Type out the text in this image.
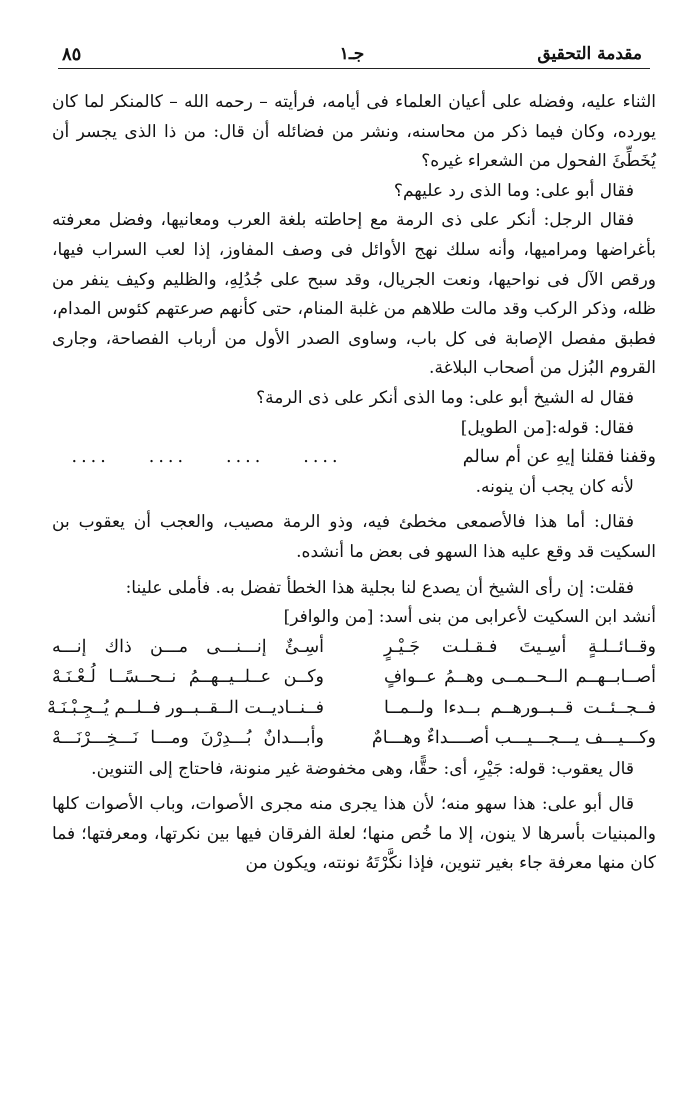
مقدمة التحقيق
جـ١
٨٥

الثناء عليه، وفضله على أعيان العلماء فى أيامه، فرأيته – رحمه الله – كالمنكر لما كان يورده، وكان فيما ذكر من محاسنه، ونشر من فضائله أن قال: من ذا الذى يجسر أن يُخَطِّئَ الفحول من الشعراء غيره؟

فقال أبو على: وما الذى رد عليهم؟

فقال الرجل: أنكر على ذى الرمة مع إحاطته بلغة العرب ومعانيها، وفضل معرفته بأغراضها ومراميها، وأنه سلك نهج الأوائل فى وصف المفاوز، إذا لعب السراب فيها، ورقص الآل فى نواحيها، ونعت الجريال، وقد سبح على جُدُلِهِ، والظليم وكيف ينفر من ظله، وذكر الركب وقد مالت طلاهم من غلبة المنام، حتى كأنهم صرعتهم كئوس المدام، فطبق مفصل الإصابة فى كل باب، وساوى الصدر الأول من أرباب الفصاحة، وجارى القروم البُزل من أصحاب البلاغة.

فقال له الشيخ أبو على: وما الذى أنكر على ذى الرمة؟

فقال: قوله:[من الطويل]

وقفنا فقلنا إيهِ عن أم سالم
....
....
....
....

لأنه كان يجب أن ينونه.

فقال: أما هذا فالأصمعى مخطئ فيه، وذو الرمة مصيب، والعجب أن يعقوب بن السكيت قد وقع عليه هذا السهو فى بعض ما أنشده.

فقلت: إن رأى الشيخ أن يصدع لنا بجلية هذا الخطأ تفضل به. فأملى علينا:

أنشد ابن السكيت لأعرابى من بنى أسد: [من والوافر]

وقــائــلـةٍ أسِـيتَ فـقـلـت جَـيْـرٍ
أسِـئٌ إنـــنـــى مـــن ذاك إنـــه
أصــابــهــم الــحــمــى وهــمُ عــوافٍ
وكــن عــلــيــهــمُ نــحــسًــا لُـعْـنَـهْ
فــجــئــت قــبــورهــم بــدءا ولــمــا
فــنــاديــت الــقــبــور فــلــم يُــجِـبْـنَـهْ
وكـــيـــف يـــجـــيـــب أصــــداءٌ وهـــامٌ
وأبـــدانٌ بُـــدِرْنَ ومـــا نَـــخِـــرْنَـــهْ

قال يعقوب: قوله: جَيْرِ، أى: حقًّا، وهى مخفوضة غير منونة، فاحتاج إلى التنوين.

قال أبو على: هذا سهو منه؛ لأن هذا يجرى منه مجرى الأصوات، وباب الأصوات كلها والمبنيات بأسرها لا ينون، إلا ما خُص منها؛ لعلة الفرقان فيها بين نكرتها، ومعرفتها؛ فما كان منها معرفة جاء بغير تنوين، فإذا نكَّرْتَهُ نونته، ويكون من
